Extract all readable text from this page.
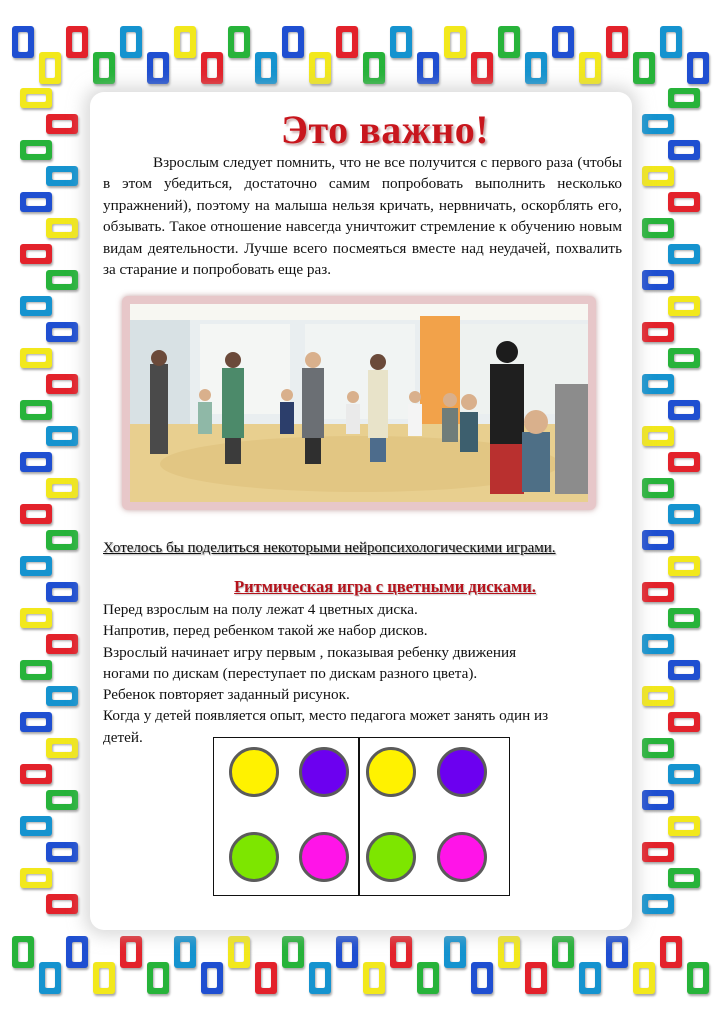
Это важно!

Взрослым следует помнить, что не все получится с первого раза (чтобы в этом убедиться, достаточно самим попробовать выполнить несколько упражнений), поэтому на малыша нельзя кричать, нервничать, оскорблять его, обзывать. Такое отношение навсегда уничтожит стремление к обучению новым видам деятельности. Лучше всего посмеяться вместе над неудачей, похвалить за старание и попробовать еще раз.

Хотелось бы поделиться некоторыми нейропсихологическими играми.

Ритмическая игра с цветными дисками.

Перед взрослым на полу лежат 4 цветных диска.

Напротив, перед ребенком такой же набор дисков.

Взрослый начинает игру первым , показывая ребенку движения

ногами по дискам (переступает по дискам разного цвета).

Ребенок повторяет заданный рисунок.

Когда у детей появляется опыт, место педагога может занять один из

детей.
